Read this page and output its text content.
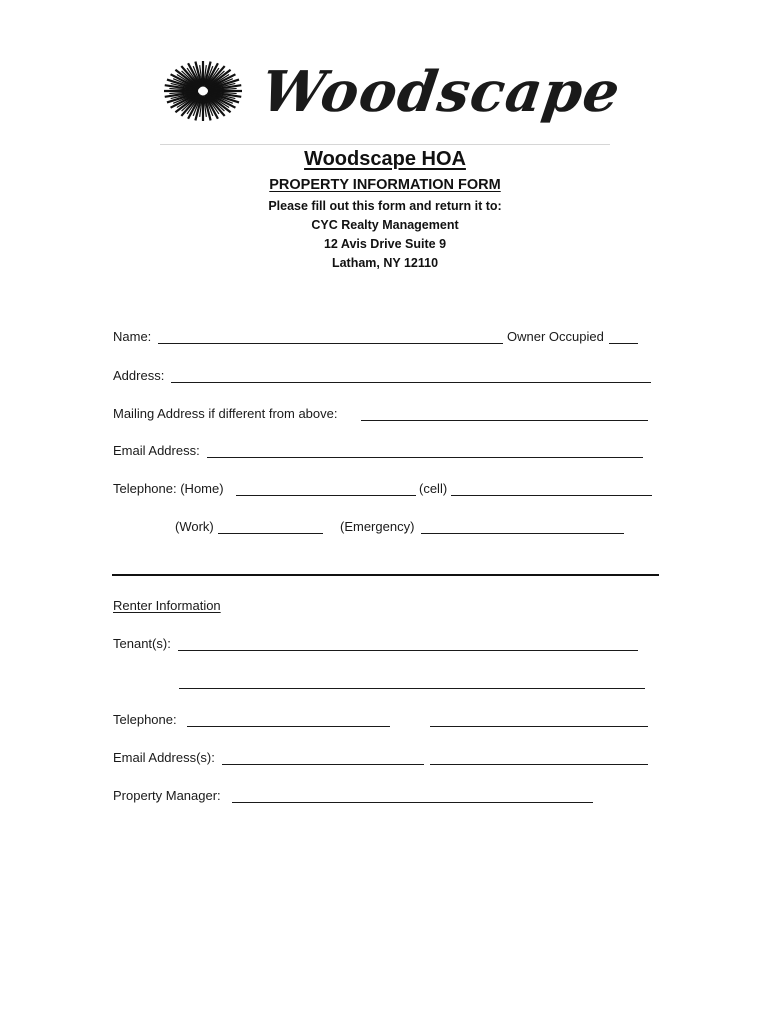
Woodscape
Woodscape HOA
PROPERTY INFORMATION FORM
Please fill out this form and return it to:
CYC Realty Management
12 Avis Drive Suite 9
Latham, NY 12110
Name:	Owner Occupied
Address:
Mailing Address if different from above:
Email Address:
Telephone: (Home)	(cell)
(Work)	(Emergency)
Renter Information
Tenant(s):
Telephone:
Email Address(s):
Property Manager:
